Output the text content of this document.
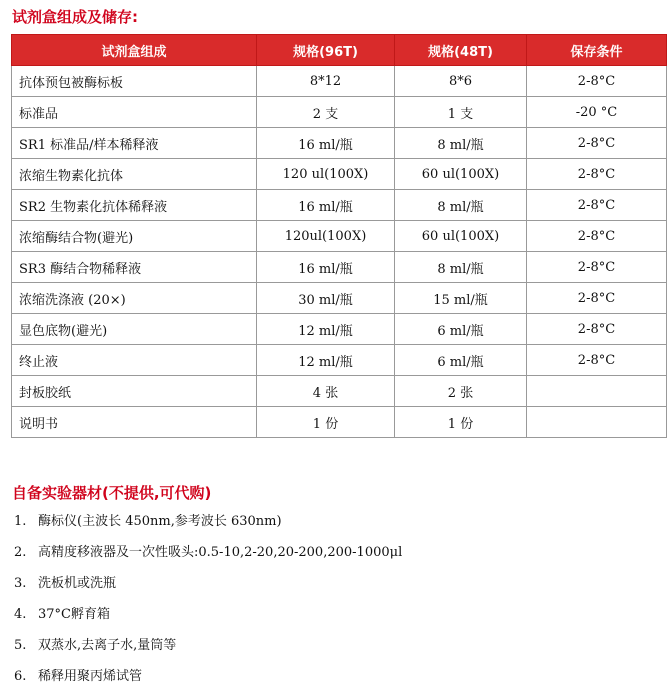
试剂盒组成及储存:
试剂盒组成	规格(96T)	规格(48T)	保存条件
抗体预包被酶标板	8*12	8*6	2-8°C
标准品	2 支	1 支	-20 °C
SR1 标准品/样本稀释液	16 ml/瓶	8 ml/瓶	2-8°C
浓缩生物素化抗体	120 ul(100X)	60 ul(100X)	2-8°C
SR2 生物素化抗体稀释液	16 ml/瓶	8 ml/瓶	2-8°C
浓缩酶结合物(避光)	120ul(100X)	60 ul(100X)	2-8°C
SR3 酶结合物稀释液	16 ml/瓶	8 ml/瓶	2-8°C
浓缩洗涤液 (20×)	30 ml/瓶	15 ml/瓶	2-8°C
显色底物(避光)	12 ml/瓶	6 ml/瓶	2-8°C
终止液	12 ml/瓶	6 ml/瓶	2-8°C
封板胶纸	4 张	2 张	
说明书	1 份	1 份	
自备实验器材(不提供,可代购)
1. 酶标仪(主波长 450nm,参考波长 630nm)
2. 高精度移液器及一次性吸头:0.5-10,2-20,20-200,200-1000μl
3. 洗板机或洗瓶
4. 37°C孵育箱
5. 双蒸水,去离子水,量筒等
6. 稀释用聚丙烯试管
